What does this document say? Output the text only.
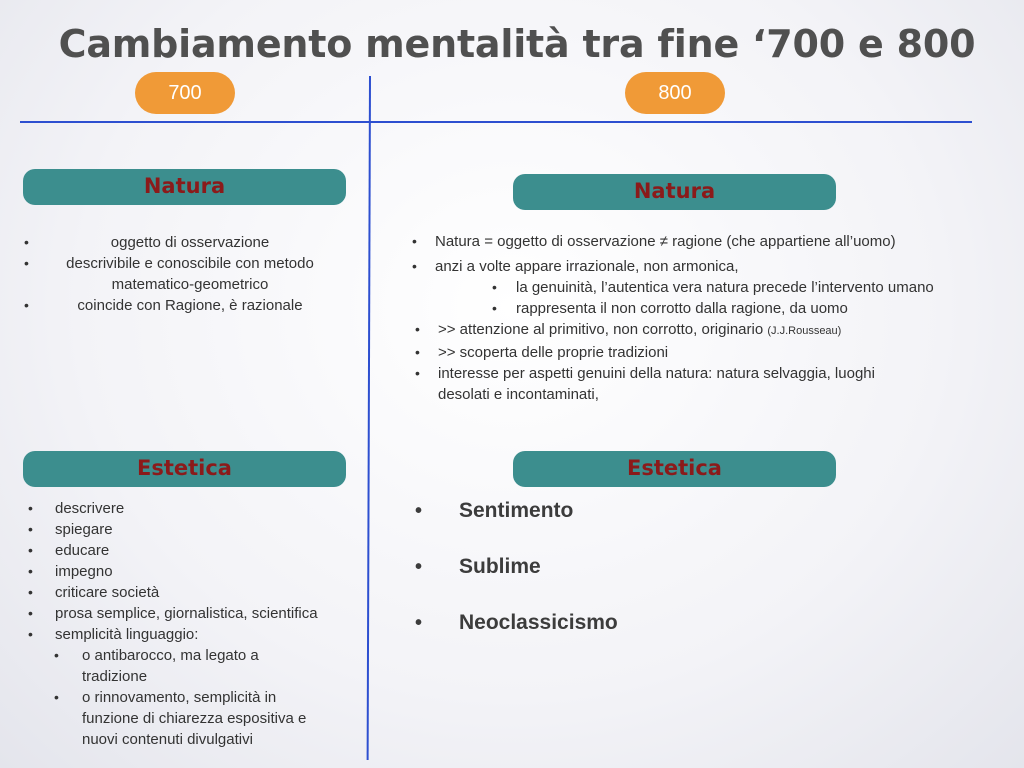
Cambiamento mentalità tra fine ‘700 e 800
700	800
Natura
•	oggetto di osservazione
• descrivibile e conoscibile con metodo matematico-geometrico
•	coincide con Ragione, è razionale
Natura
• Natura = oggetto di osservazione ≠ ragione (che appartiene all’uomo)
• anzi a volte appare irrazionale, non armonica,
• la genuinità, l’autentica vera natura precede l’intervento umano
• rappresenta il non corrotto dalla ragione, da uomo
• >> attenzione al primitivo, non corrotto, originario (J.J.Rousseau)
• >> scoperta delle proprie tradizioni
• interesse per aspetti genuini della natura: natura selvaggia, luoghi desolati e incontaminati,
Estetica
• descrivere
• spiegare
• educare
• impegno
• criticare società
• prosa semplice, giornalistica, scientifica
• semplicità linguaggio:
• o antibarocco, ma legato a tradizione
• o rinnovamento, semplicità in funzione di chiarezza espositiva e nuovi contenuti divulgativi
Estetica
• Sentimento
• Sublime
• Neoclassicismo
